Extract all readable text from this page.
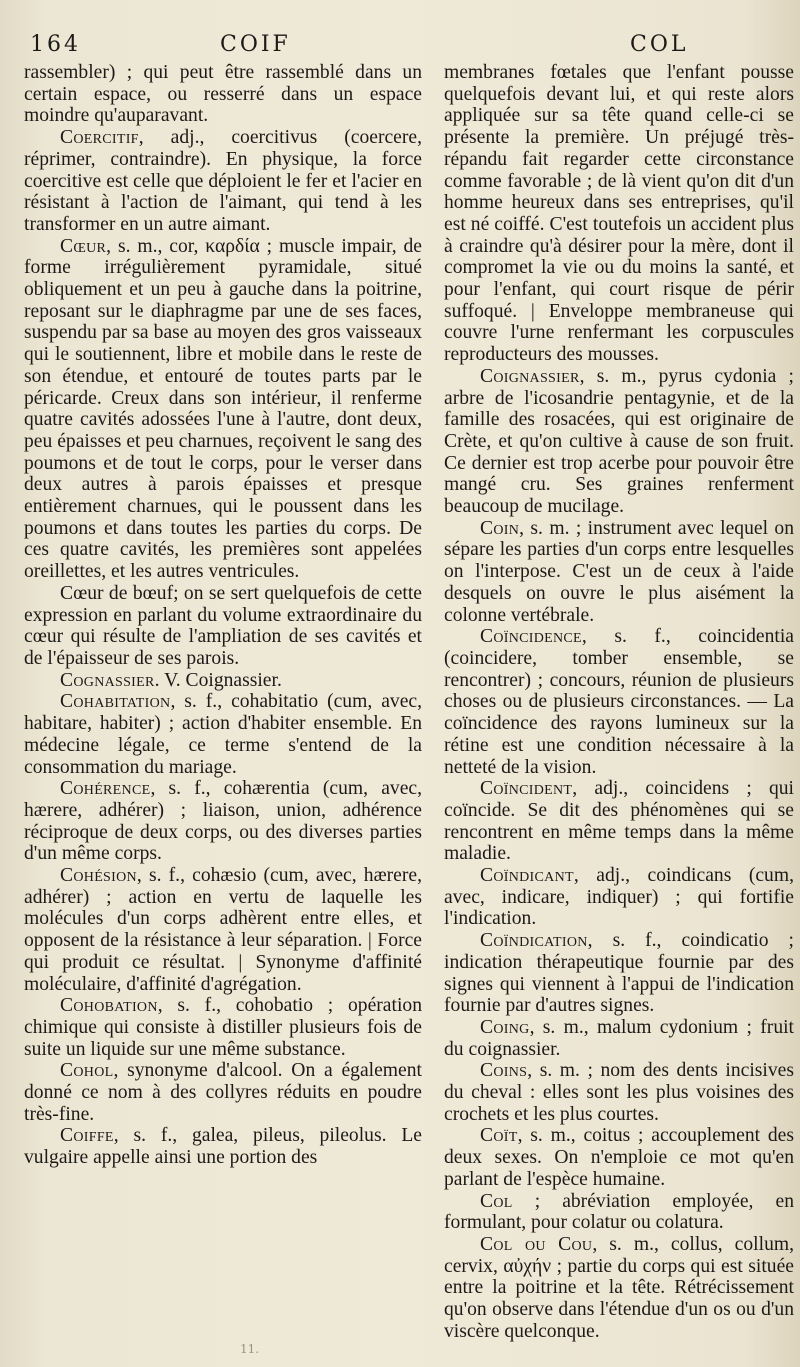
164	COIF	COL

rassembler) ; qui peut être rassemblé dans un certain espace, ou resserré dans un espace moindre qu'auparavant.

Coercitif, adj., coercitivus (coercere, réprimer, contraindre). En physique, la force coercitive est celle que déploient le fer et l'acier en résistant à l'action de l'aimant, qui tend à les transformer en un autre aimant.

Cœur, s. m., cor, καρδία ; muscle impair, de forme irrégulièrement pyramidale, situé obliquement et un peu à gauche dans la poitrine, reposant sur le diaphragme par une de ses faces, suspendu par sa base au moyen des gros vaisseaux qui le soutiennent, libre et mobile dans le reste de son étendue, et entouré de toutes parts par le péricarde. Creux dans son intérieur, il renferme quatre cavités adossées l'une à l'autre, dont deux, peu épaisses et peu charnues, reçoivent le sang des poumons et de tout le corps, pour le verser dans deux autres à parois épaisses et presque entièrement charnues, qui le poussent dans les poumons et dans toutes les parties du corps. De ces quatre cavités, les premières sont appelées oreillettes, et les autres ventricules.

Cœur de bœuf; on se sert quelquefois de cette expression en parlant du volume extraordinaire du cœur qui résulte de l'ampliation de ses cavités et de l'épaisseur de ses parois.

Cognassier. V. Coignassier.

Cohabitation, s. f., cohabitatio (cum, avec, habitare, habiter) ; action d'habiter ensemble. En médecine légale, ce terme s'entend de la consommation du mariage.

Cohérence, s. f., cohærentia (cum, avec, hærere, adhérer) ; liaison, union, adhérence réciproque de deux corps, ou des diverses parties d'un même corps.

Cohésion, s. f., cohæsio (cum, avec, hærere, adhérer) ; action en vertu de laquelle les molécules d'un corps adhèrent entre elles, et opposent de la résistance à leur séparation. | Force qui produit ce résultat. | Synonyme d'affinité moléculaire, d'affinité d'agrégation.

Cohobation, s. f., cohobatio ; opération chimique qui consiste à distiller plusieurs fois de suite un liquide sur une même substance.

Cohol, synonyme d'alcool. On a également donné ce nom à des collyres réduits en poudre très-fine.

Coiffe, s. f., galea, pileus, pileolus. Le vulgaire appelle ainsi une portion des

membranes fœtales que l'enfant pousse quelquefois devant lui, et qui reste alors appliquée sur sa tête quand celle-ci se présente la première. Un préjugé très-répandu fait regarder cette circonstance comme favorable ; de là vient qu'on dit d'un homme heureux dans ses entreprises, qu'il est né coiffé. C'est toutefois un accident plus à craindre qu'à désirer pour la mère, dont il compromet la vie ou du moins la santé, et pour l'enfant, qui court risque de périr suffoqué. | Enveloppe membraneuse qui couvre l'urne renfermant les corpuscules reproducteurs des mousses.

Coignassier, s. m., pyrus cydonia ; arbre de l'icosandrie pentagynie, et de la famille des rosacées, qui est originaire de Crète, et qu'on cultive à cause de son fruit. Ce dernier est trop acerbe pour pouvoir être mangé cru. Ses graines renferment beaucoup de mucilage.

Coin, s. m. ; instrument avec lequel on sépare les parties d'un corps entre lesquelles on l'interpose. C'est un de ceux à l'aide desquels on ouvre le plus aisément la colonne vertébrale.

Coïncidence, s. f., coincidentia (coincidere, tomber ensemble, se rencontrer) ; concours, réunion de plusieurs choses ou de plusieurs circonstances. — La coïncidence des rayons lumineux sur la rétine est une condition nécessaire à la netteté de la vision.

Coïncident, adj., coincidens ; qui coïncide. Se dit des phénomènes qui se rencontrent en même temps dans la même maladie.

Coïndicant, adj., coindicans (cum, avec, indicare, indiquer) ; qui fortifie l'indication.

Coïndication, s. f., coindicatio ; indication thérapeutique fournie par des signes qui viennent à l'appui de l'indication fournie par d'autres signes.

Coing, s. m., malum cydonium ; fruit du coignassier.

Coins, s. m. ; nom des dents incisives du cheval : elles sont les plus voisines des crochets et les plus courtes.

Coït, s. m., coitus ; accouplement des deux sexes. On n'emploie ce mot qu'en parlant de l'espèce humaine.

Col ; abréviation employée, en formulant, pour colatur ou colatura.

Col ou Cou, s. m., collus, collum, cervix, αὐχήν ; partie du corps qui est située entre la poitrine et la tête. Rétrécissement qu'on observe dans l'étendue d'un os ou d'un viscère quelconque.

11.
